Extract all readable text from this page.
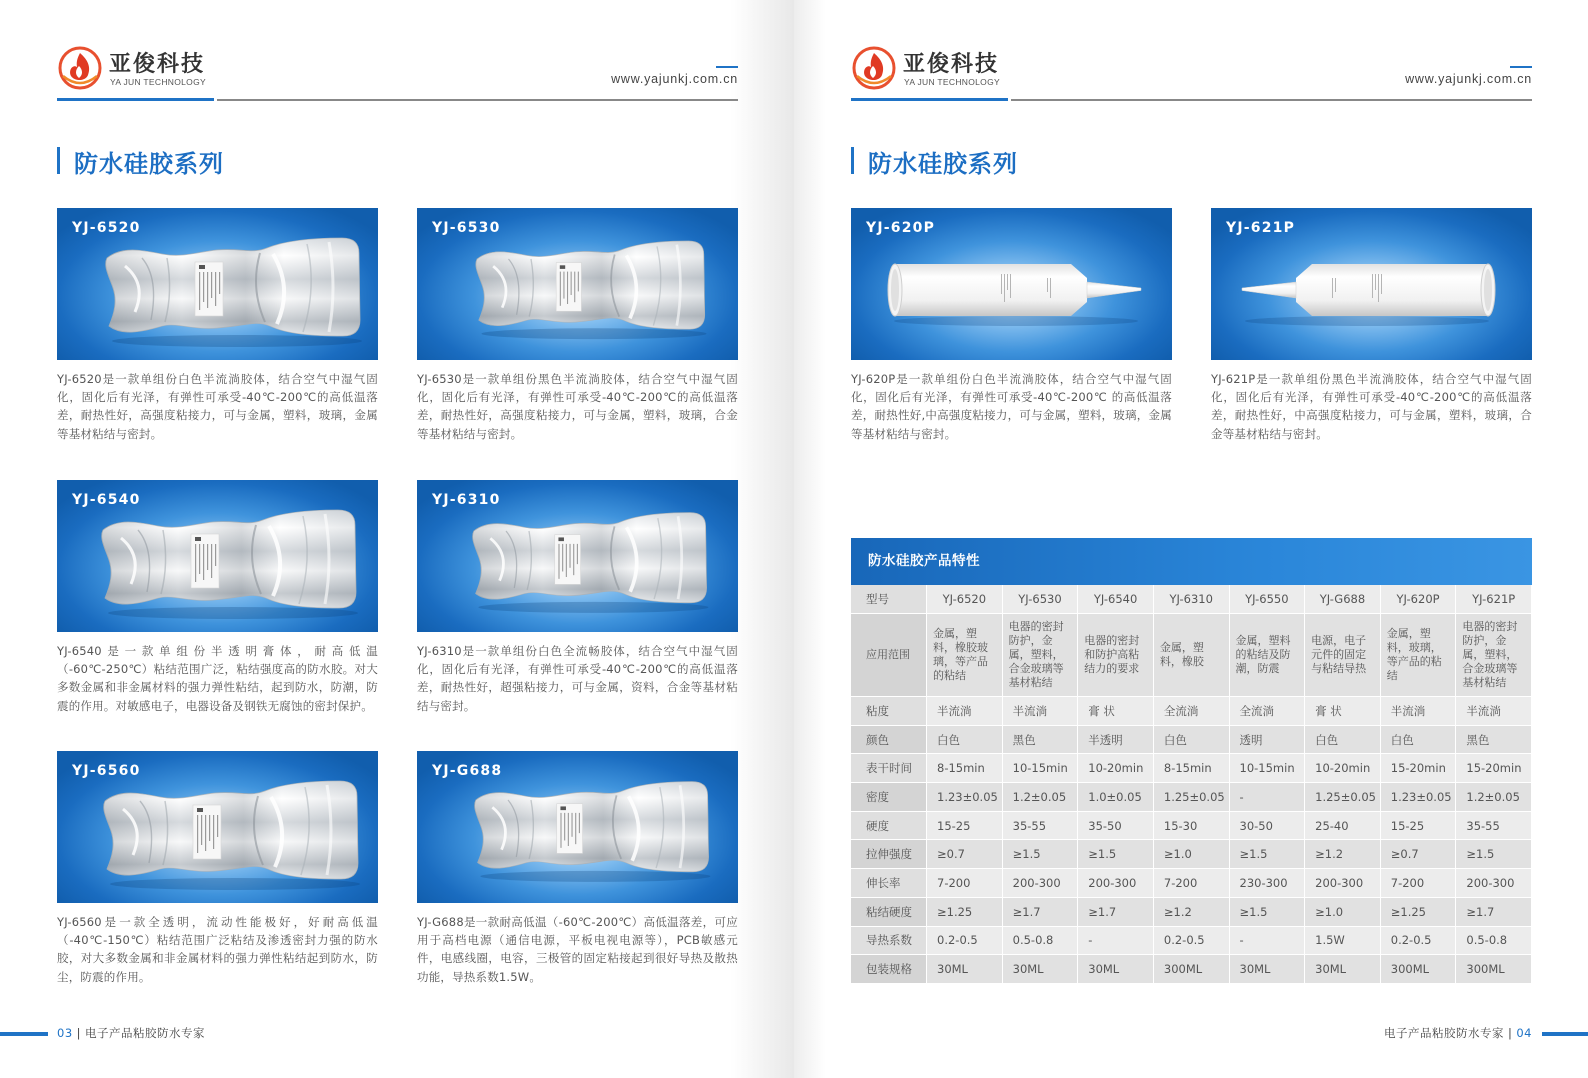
亚俊科技
YA JUN TECHNOLOGY	www.yajunkj.com.cn
防水硅胶系列
YJ-6520
YJ-6520是一款单组份白色半流淌胶体，结合空气中湿气固化，固化后有光泽，有弹性可承受-40℃-200℃的高低温落差，耐热性好，高强度粘接力，可与金属，塑料，玻璃，金属等基材粘结与密封。
YJ-6530
YJ-6530是一款单组份黑色半流淌胶体，结合空气中湿气固化，固化后有光泽，有弹性可承受-40℃-200℃的高低温落差，耐热性好，高强度粘接力，可与金属，塑料，玻璃，合金等基材粘结与密封。
YJ-6540
YJ-6540是一款单组份半透明膏体，耐高低温（-60℃-250℃）粘结范围广泛，粘结强度高的防水胶。对大多数金属和非金属材料的强力弹性粘结，起到防水，防潮，防震的作用。对敏感电子，电器设备及钢铁无腐蚀的密封保护。
YJ-6310
YJ-6310是一款单组份白色全流畅胶体，结合空气中湿气固化，固化后有光泽，有弹性可承受-40℃-200℃的高低温落差，耐热性好，超强粘接力，可与金属，资料，合金等基材粘结与密封。
YJ-6560
YJ-6560是一款全透明，流动性能极好，好耐高低温（-40℃-150℃）粘结范围广泛粘结及渗透密封力强的防水胶，对大多数金属和非金属材料的强力弹性粘结起到防水，防尘，防震的作用。
YJ-G688
YJ-G688是一款耐高低温（-60℃-200℃）高低温落差，可应用于高档电源（通信电源，平板电视电源等），PCB敏感元件，电感线圈，电容，三极管的固定粘接起到很好导热及散热功能，导热系数1.5W。
03 | 电子产品粘胶防水专家
亚俊科技
YA JUN TECHNOLOGY	www.yajunkj.com.cn
防水硅胶系列
YJ-620P
YJ-620P是一款单组份白色半流淌胶体，结合空气中湿气固化，固化后有光泽，有弹性可承受-40℃-200℃ 的高低温落差，耐热性好,中高强度粘接力，可与金属，塑料，玻璃，金属等基材粘结与密封。
YJ-621P
YJ-621P是一款单组份黑色半流淌胶体，结合空气中湿气固化，固化后有光泽，有弹性可承受-40℃-200℃的高低温落差，耐热性好，中高强度粘接力，可与金属，塑料，玻璃，合金等基材粘结与密封。
防水硅胶产品特性
型号	YJ-6520	YJ-6530	YJ-6540	YJ-6310	YJ-6550	YJ-G688	YJ-620P	YJ-621P
应用范围	金属，塑料，橡胶玻璃，等产品的粘结	电器的密封防护，金属，塑料，合金玻璃等基材粘结	电器的密封和防护高粘结力的要求	金属，塑料，橡胶	金属，塑料的粘结及防潮，防震	电源，电子元件的固定与粘结导热	金属，塑料，玻璃，等产品的粘结	电器的密封防护，金属，塑料，合金玻璃等基材粘结
粘度	半流淌	半流淌	膏 状	全流淌	全流淌	膏 状	半流淌	半流淌
颜色	白色	黑色	半透明	白色	透明	白色	白色	黑色
表干时间	8-15min	10-15min	10-20min	8-15min	10-15min	10-20min	15-20min	15-20min
密度	1.23±0.05	1.2±0.05	1.0±0.05	1.25±0.05	-	1.25±0.05	1.23±0.05	1.2±0.05
硬度	15-25	35-55	35-50	15-30	30-50	25-40	15-25	35-55
拉伸强度	≥0.7	≥1.5	≥1.5	≥1.0	≥1.5	≥1.2	≥0.7	≥1.5
伸长率	7-200	200-300	200-300	7-200	230-300	200-300	7-200	200-300
粘结硬度	≥1.25	≥1.7	≥1.7	≥1.2	≥1.5	≥1.0	≥1.25	≥1.7
导热系数	0.2-0.5	0.5-0.8	-	0.2-0.5	-	1.5W	0.2-0.5	0.5-0.8
包装规格	30ML	30ML	30ML	300ML	30ML	30ML	300ML	300ML
电子产品粘胶防水专家 | 04
